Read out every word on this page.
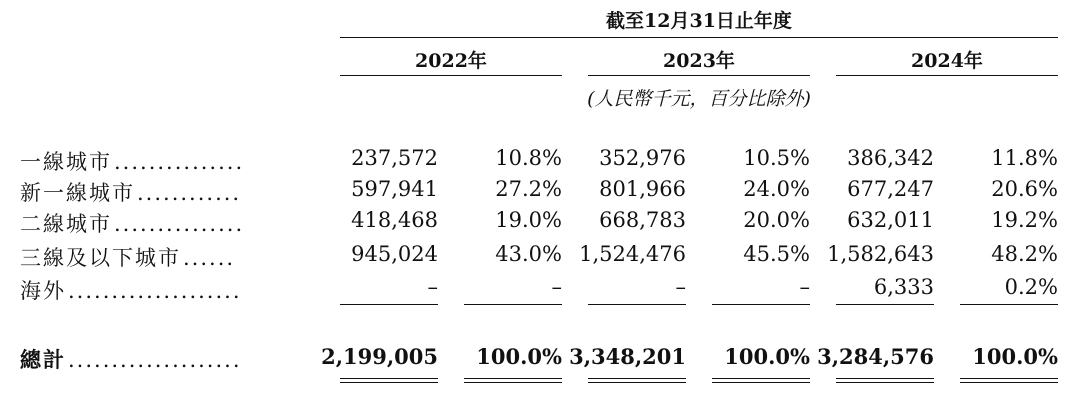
截至12月31日止年度
2022年	2023年	2024年
(人民幣千元，百分比除外)
一線城市...............	237,572	10.8% 352,976	10.5% 386,342	11.8%
新一線城市............	597,941	27.2% 801,966	24.0% 677,247	20.6%
二線城市...............	418,468	19.0% 668,783	20.0% 632,011	19.2%
三線及以下城市......	945,024	43.0% 1,524,476	45.5% 1,582,643	48.2%
海外....................	–	–	–	–	6,333	0.2%
總計....................	2,199,005 100.0% 3,348,201 100.0% 3,284,576 100.0%
